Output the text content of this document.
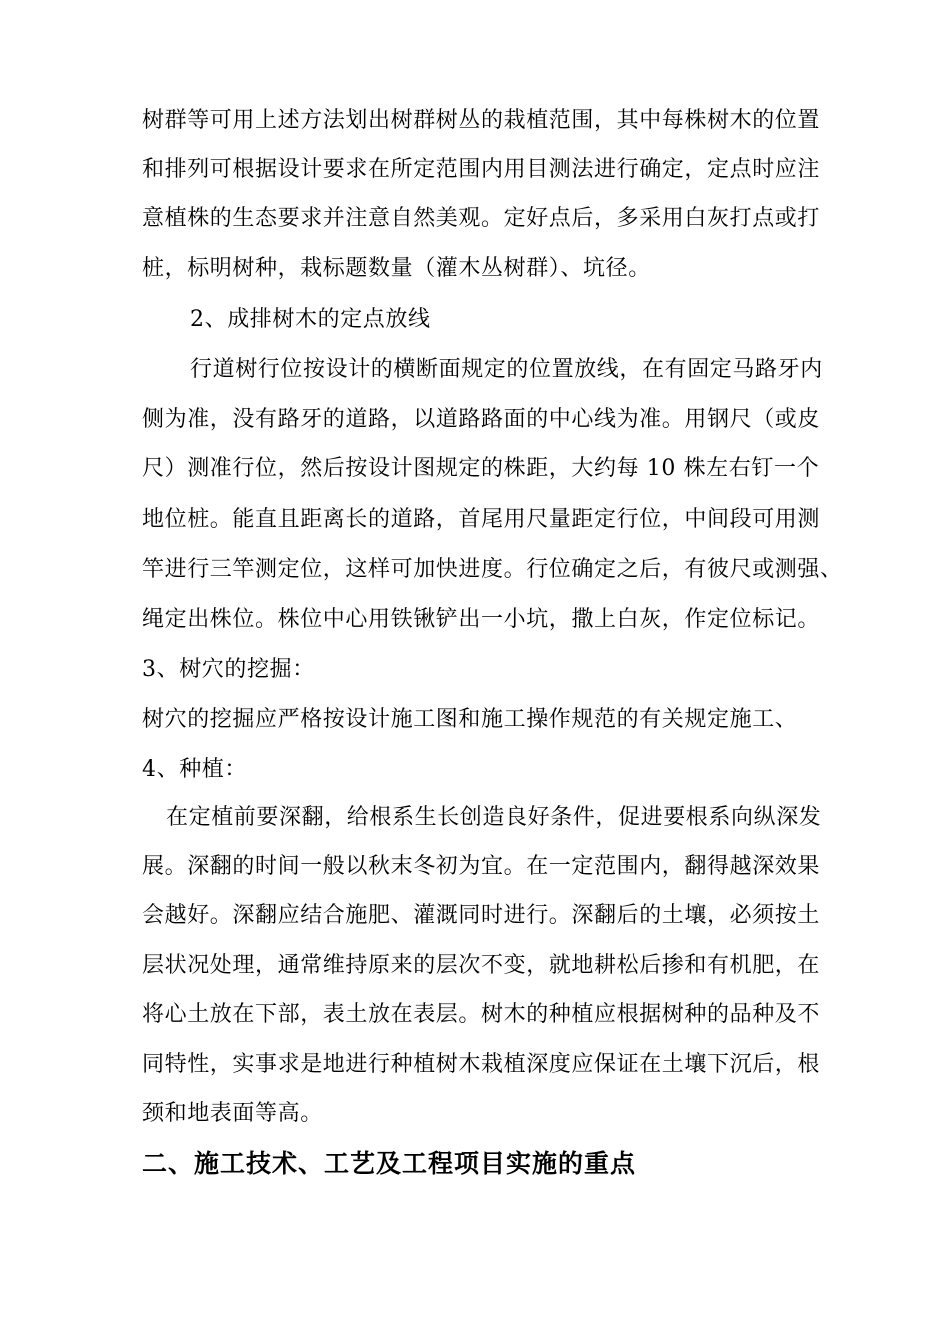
树群等可用上述方法划出树群树丛的栽植范围，其中每株树木的位置
和排列可根据设计要求在所定范围内用目测法进行确定，定点时应注
意植株的生态要求并注意自然美观。定好点后，多采用白灰打点或打
桩，标明树种，栽标题数量（灌木丛树群）、坑径。
2、成排树木的定点放线
行道树行位按设计的横断面规定的位置放线，在有固定马路牙内
侧为准，没有路牙的道路，以道路路面的中心线为准。用钢尺（或皮
尺）测准行位，然后按设计图规定的株距，大约每 10 株左右钉一个
地位桩。能直且距离长的道路，首尾用尺量距定行位，中间段可用测
竿进行三竿测定位，这样可加快进度。行位确定之后，有彼尺或测强、
绳定出株位。株位中心用铁锹铲出一小坑，撒上白灰，作定位标记。
3、树穴的挖掘：
树穴的挖掘应严格按设计施工图和施工操作规范的有关规定施工、
4、种植：
在定植前要深翻，给根系生长创造良好条件，促进要根系向纵深发
展。深翻的时间一般以秋末冬初为宜。在一定范围内，翻得越深效果
会越好。深翻应结合施肥、灌溉同时进行。深翻后的土壤，必须按土
层状况处理，通常维持原来的层次不变，就地耕松后掺和有机肥，在
将心土放在下部，表土放在表层。树木的种植应根据树种的品种及不
同特性，实事求是地进行种植树木栽植深度应保证在土壤下沉后，根
颈和地表面等高。
二、施工技术、工艺及工程项目实施的重点
